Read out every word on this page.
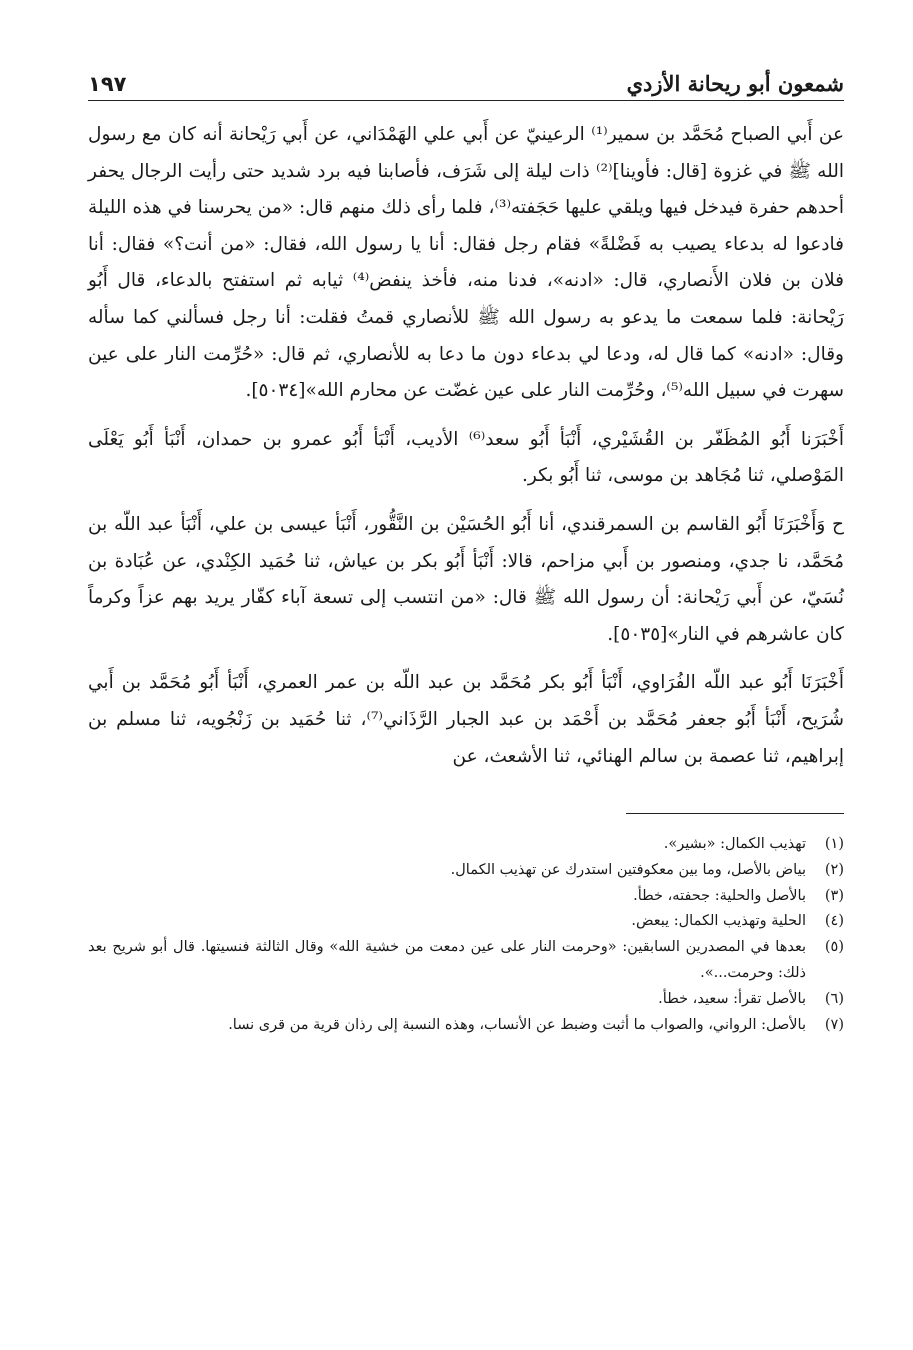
شمعون أبو ريحانة الأزدي
١٩٧

عن أَبي الصباح مُحَمَّد بن سمير⁽¹⁾ الرعينيّ عن أَبي علي الهَمْدَاني، عن أَبي رَيْحانة أنه كان مع رسول الله ﷺ في غزوة [قال: فأوينا]⁽²⁾ ذات ليلة إلى شَرَف، فأصابنا فيه برد شديد حتى رأيت الرجال يحفر أحدهم حفرة فيدخل فيها ويلقي عليها حَجَفته⁽³⁾، فلما رأى ذلك منهم قال: «من يحرسنا في هذه الليلة فادعوا له بدعاء يصيب به فَضْلةً» فقام رجل فقال: أنا يا رسول الله، فقال: «من أنت؟» فقال: أنا فلان بن فلان الأَنصاري، قال: «ادنه»، فدنا منه، فأخذ ينفض⁽⁴⁾ ثيابه ثم استفتح بالدعاء، قال أَبُو رَيْحانة: فلما سمعت ما يدعو به رسول الله ﷺ للأنصاري قمتُ فقلت: أنا رجل فسألني كما سأله وقال: «ادنه» كما قال له، ودعا لي بدعاء دون ما دعا به للأنصاري، ثم قال: «حُرِّمت النار على عين سهرت في سبيل الله⁽⁵⁾، وحُرِّمت النار على عين غضّت عن محارم الله»[٥٠٣٤].

أَخْبَرَنا أَبُو المُظَفّر بن القُشَيْري، أَنْبَأ أَبُو سعد⁽⁶⁾ الأديب، أَنْبَأ أَبُو عمرو بن حمدان، أَنْبَأ أَبُو يَعْلَى المَوْصلي، ثنا مُجَاهد بن موسى، ثنا أَبُو بكر.

ح وَأَخْبَرَنَا أَبُو القاسم بن السمرقندي، أنا أَبُو الحُسَيْن بن النَّقُّور، أَنْبَأ عيسى بن علي، أَنْبَأ عبد اللّه بن مُحَمَّد، نا جدي، ومنصور بن أَبي مزاحم، قالا: أَنْبَأ أَبُو بكر بن عياش، ثنا حُمَيد الكِنْدي، عن عُبَادة بن نُسَيّ، عن أَبي رَيْحانة: أن رسول الله ﷺ قال: «من انتسب إلى تسعة آباء كفّار يريد بهم عزاً وكرماً كان عاشرهم في النار»[٥٠٣٥].

أَخْبَرَنَا أَبُو عبد اللّه الفُرَاوي، أَنْبَأ أَبُو بكر مُحَمَّد بن عبد اللّه بن عمر العمري، أَنْبَأ أَبُو مُحَمَّد بن أَبي شُرَيح، أَنْبَأ أَبُو جعفر مُحَمَّد بن أَحْمَد بن عبد الجبار الرَّذَاني⁽⁷⁾، ثنا حُمَيد بن زَنْجُويه، ثنا مسلم بن إبراهيم، ثنا عصمة بن سالم الهنائي، ثنا الأشعث، عن

(١)
تهذيب الكمال: «بشير».
(٢)
بياض بالأصل، وما بين معكوفتين استدرك عن تهذيب الكمال.
(٣)
بالأصل والحلية: جحفته، خطأ.
(٤)
الحلية وتهذيب الكمال: يبعض.
(٥)
بعدها في المصدرين السابقين: «وحرمت النار على عين دمعت من خشية الله» وقال الثالثة فنسيتها. قال أبو شريح بعد ذلك: وحرمت...».
(٦)
بالأصل تقرأ: سعيد، خطأ.
(٧)
بالأصل: الرواني، والصواب ما أثبت وضبط عن الأنساب، وهذه النسبة إلى رذان قرية من قرى نسا.
